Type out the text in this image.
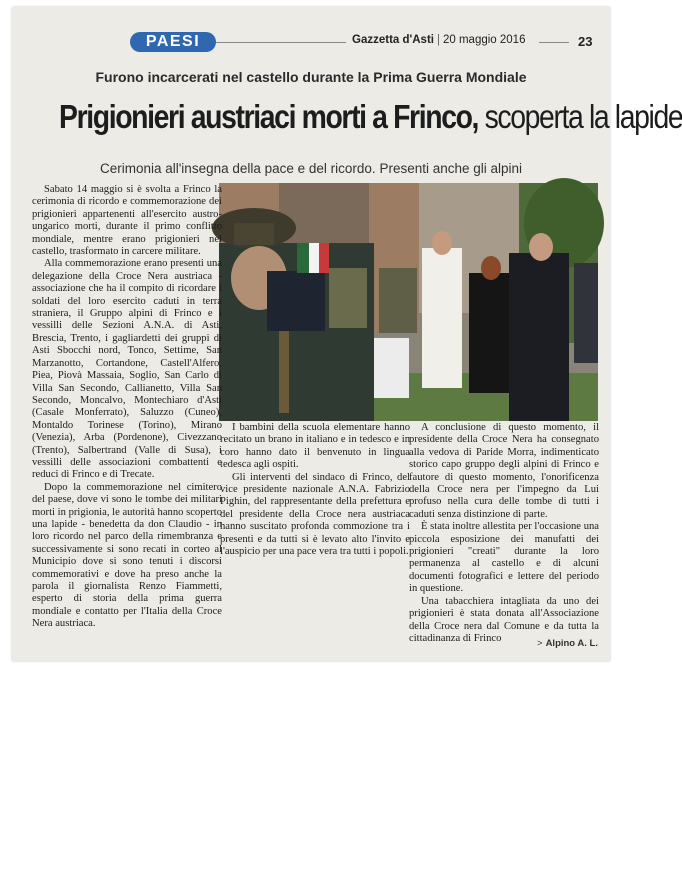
PAESI	Gazzetta d'Asti | 20 maggio 2016	23
Furono incarcerati nel castello durante la Prima Guerra Mondiale
Prigionieri austriaci morti a Frinco, scoperta la lapide
Cerimonia all'insegna della pace e del ricordo. Presenti anche gli alpini

Sabato 14 maggio si è svolta a Frinco la cerimonia di ricordo e commemorazione dei prigionieri appartenenti all'esercito austro-ungarico morti, durante il primo conflitto mondiale, mentre erano prigionieri nel castello, trasformato in carcere militare.

Alla commemorazione erano presenti una delegazione della Croce Nera austriaca - associazione che ha il compito di ricordare i soldati del loro esercito caduti in terra straniera, il Gruppo alpini di Frinco e i vessilli delle Sezioni A.N.A. di Asti, Brescia, Trento, i gagliardetti dei gruppi di Asti Sbocchi nord, Tonco, Settime, San Marzanotto, Cortandone, Castell'Alfero, Piea, Piovà Massaia, Soglio, San Carlo di Villa San Secondo, Callianetto, Villa San Secondo, Moncalvo, Montechiaro d'Asti (Casale Monferrato), Saluzzo (Cuneo), Montaldo Torinese (Torino), Mirano (Venezia), Arba (Pordenone), Civezzano (Trento), Salbertrand (Valle di Susa), i vessilli delle associazioni combattenti e reduci di Frinco e di Trecate.

Dopo la commemorazione nel cimitero del paese, dove vi sono le tombe dei militari morti in prigionia, le autorità hanno scoperto una lapide - benedetta da don Claudio - in loro ricordo nel parco della rimembranza e successivamente si sono recati in corteo al Municipio dove si sono tenuti i discorsi commemorativi e dove ha preso anche la parola il giornalista Renzo Fiammetti, esperto di storia della prima guerra mondiale e contatto per l'Italia della Croce Nera austriaca.

I bambini della scuola elementare hanno recitato un brano in italiano e in tedesco e in coro hanno dato il benvenuto in lingua tedesca agli ospiti.

Gli interventi del sindaco di Frinco, del vice presidente nazionale A.N.A. Fabrizio Pighin, del rappresentante della prefettura e del presidente della Croce nera austriaca hanno suscitato profonda commozione tra i presenti e da tutti si è levato alto l'invito e l'auspicio per una pace vera tra tutti i popoli.

A conclusione di questo momento, il presidente della Croce Nera ha consegnato alla vedova di Paride Morra, indimenticato storico capo gruppo degli alpini di Frinco e fautore di questo momento, l'onorificenza della Croce nera per l'impegno da Lui profuso nella cura delle tombe di tutti i caduti senza distinzione di parte.

È stata inoltre allestita per l'occasione una piccola esposizione dei manufatti dei prigionieri "creati" durante la loro permanenza al castello e di alcuni documenti fotografici e lettere del periodo in questione.

Una tabacchiera intagliata da uno dei prigionieri è stata donata all'Associazione della Croce nera dal Comune e da tutta la cittadinanza di Frinco	> Alpino A. L.
